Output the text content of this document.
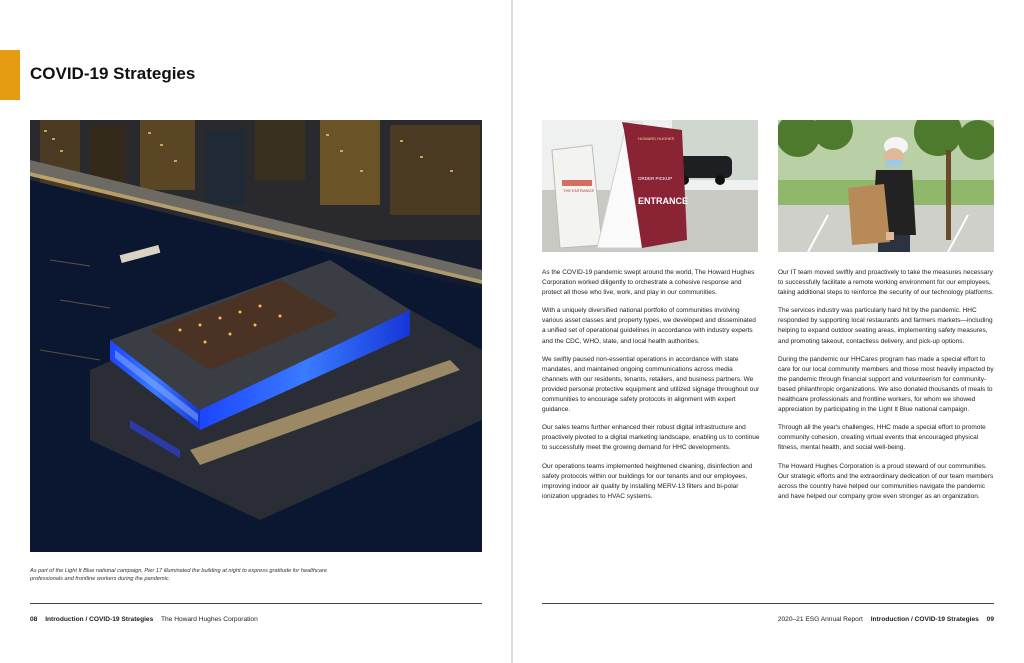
COVID-19 Strategies

As part of the Light It Blue national campaign, Pier 17 illuminated the building at night to express gratitude for healthcare professionals and frontline workers during the pandemic.

08 Introduction / COVID-19 Strategies The Howard Hughes Corporation
THE ENTRANCE
HOWARD HUGHES
ORDER PICKUP
ENTRANCE

As the COVID-19 pandemic swept around the world, The Howard Hughes Corporation worked diligently to orchestrate a cohesive response and protect all those who live, work, and play in our communities.

With a uniquely diversified national portfolio of communities involving various asset classes and property types, we developed and disseminated a unified set of operational guidelines in accordance with industry experts and the CDC, WHO, state, and local health authorities.

We swiftly paused non-essential operations in accordance with state mandates, and maintained ongoing communications across media channels with our residents, tenants, retailers, and business partners. We provided personal protective equipment and utilized signage throughout our communities to encourage safety protocols in alignment with expert guidance.

Our sales teams further enhanced their robust digital infrastructure and proactively pivoted to a digital marketing landscape, enabling us to continue to successfully meet the growing demand for HHC developments.

Our operations teams implemented heightened cleaning, disinfection and safety protocols within our buildings for our tenants and our employees, improving indoor air quality by installing MERV-13 filters and bi-polar ionization upgrades to HVAC systems.

Our IT team moved swiftly and proactively to take the measures necessary to successfully facilitate a remote working environment for our employees, taking additional steps to reinforce the security of our technology platforms.

The services industry was particularly hard hit by the pandemic. HHC responded by supporting local restaurants and farmers markets—including helping to expand outdoor seating areas, implementing safety measures, and promoting takeout, contactless delivery, and pick-up options.

During the pandemic our HHCares program has made a special effort to care for our local community members and those most heavily impacted by the pandemic through financial support and volunteerism for community-based philanthropic organizations. We also donated thousands of meals to healthcare professionals and frontline workers, for whom we showed appreciation by participating in the Light It Blue national campaign.

Through all the year's challenges, HHC made a special effort to promote community cohesion, creating virtual events that encouraged physical fitness, mental health, and social well-being.

The Howard Hughes Corporation is a proud steward of our communities. Our strategic efforts and the extraordinary dedication of our team members across the country have helped our communities navigate the pandemic and have helped our company grow even stronger as an organization.

2020–21 ESG Annual Report Introduction / COVID-19 Strategies 09
